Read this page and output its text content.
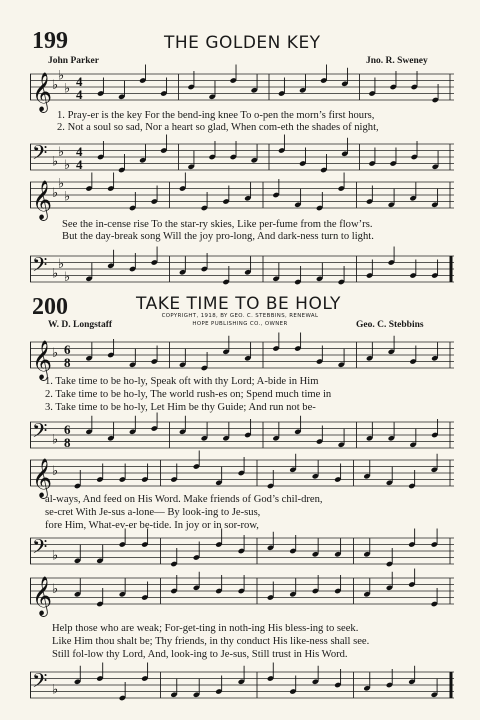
199	THE GOLDEN KEY
John Parker	Jno. R. Sweney
𝄞 ♭
♭
♭ 4
4
1. Pray-er is the key For the bend-ing knee To o-pen the morn’s first hours,
2. Not a soul so sad, Nor a heart so glad, When com-eth the shades of night,
𝄢 ♭
♭
♭
4
4
𝄞 ♭
♭
♭
See the in-cense rise To the star-ry skies, Like per-fume from the flow’rs.
But the day-break song Will the joy pro-long, And dark-ness turn to light.
𝄢 ♭
♭
♭
200	TAKE TIME TO BE HOLY
COPYRIGHT, 1918, BY GEO. C. STEBBINS, RENEWAL
HOPE PUBLISHING CO., OWNER
W. D. Longstaff	Geo. C. Stebbins
𝄞 ♭ 6
8
1. Take time to be ho-ly, Speak oft with thy Lord; A-bide in Him
2. Take time to be ho-ly, The world rush-es on; Spend much time in
3. Take time to be ho-ly, Let Him be thy Guide; And run not be-
𝄢 ♭
6
8
𝄞 ♭
al-ways, And feed on His Word. Make friends of God’s chil-dren,
se-cret With Je-sus a-lone— By look-ing to Je-sus,
fore Him, What-ev-er be-tide. In joy or in sor-row,
𝄢 ♭
𝄞 ♭
Help those who are weak; For-get-ting in noth-ing His bless-ing to seek.
Like Him thou shalt be; Thy friends, in thy conduct His like-ness shall see.
Still fol-low thy Lord, And, look-ing to Je-sus, Still trust in His Word.
𝄢 ♭
